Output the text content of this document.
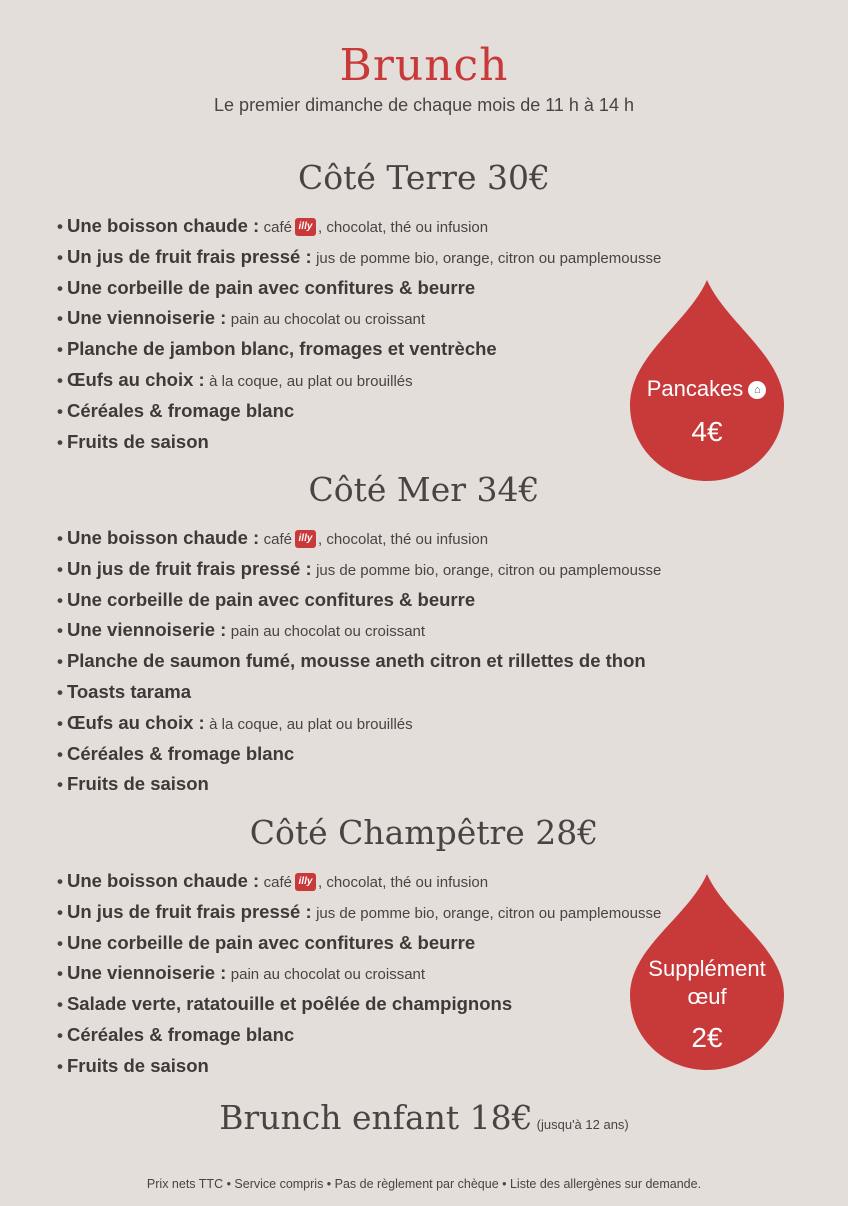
Brunch
Le premier dimanche de chaque mois de 11 h à 14 h
Côté Terre 30€
• Une boisson chaude : café illy , chocolat, thé ou infusion
• Un jus de fruit frais pressé : jus de pomme bio, orange, citron ou pamplemousse
• Une corbeille de pain avec confitures & beurre
• Une viennoiserie : pain au chocolat ou croissant
• Planche de jambon blanc, fromages et ventrèche
• Œufs au choix : à la coque, au plat ou brouillés
• Céréales & fromage blanc
• Fruits de saison
Côté Mer 34€
• Une boisson chaude : café illy , chocolat, thé ou infusion
• Un jus de fruit frais pressé : jus de pomme bio, orange, citron ou pamplemousse
• Une corbeille de pain avec confitures & beurre
• Une viennoiserie : pain au chocolat ou croissant
• Planche de saumon fumé, mousse aneth citron et rillettes de thon
• Toasts tarama
• Œufs au choix : à la coque, au plat ou brouillés
• Céréales & fromage blanc
• Fruits de saison
Côté Champêtre 28€
• Une boisson chaude : café illy , chocolat, thé ou infusion
• Un jus de fruit frais pressé : jus de pomme bio, orange, citron ou pamplemousse
• Une corbeille de pain avec confitures & beurre
• Une viennoiserie : pain au chocolat ou croissant
• Salade verte, ratatouille et poêlée de champignons
• Céréales & fromage blanc
• Fruits de saison
Pancakes ⌂
4€
Supplément
œuf
2€
Brunch enfant 18€ (jusqu'à 12 ans)
Prix nets TTC • Service compris • Pas de règlement par chèque • Liste des allergènes sur demande.
